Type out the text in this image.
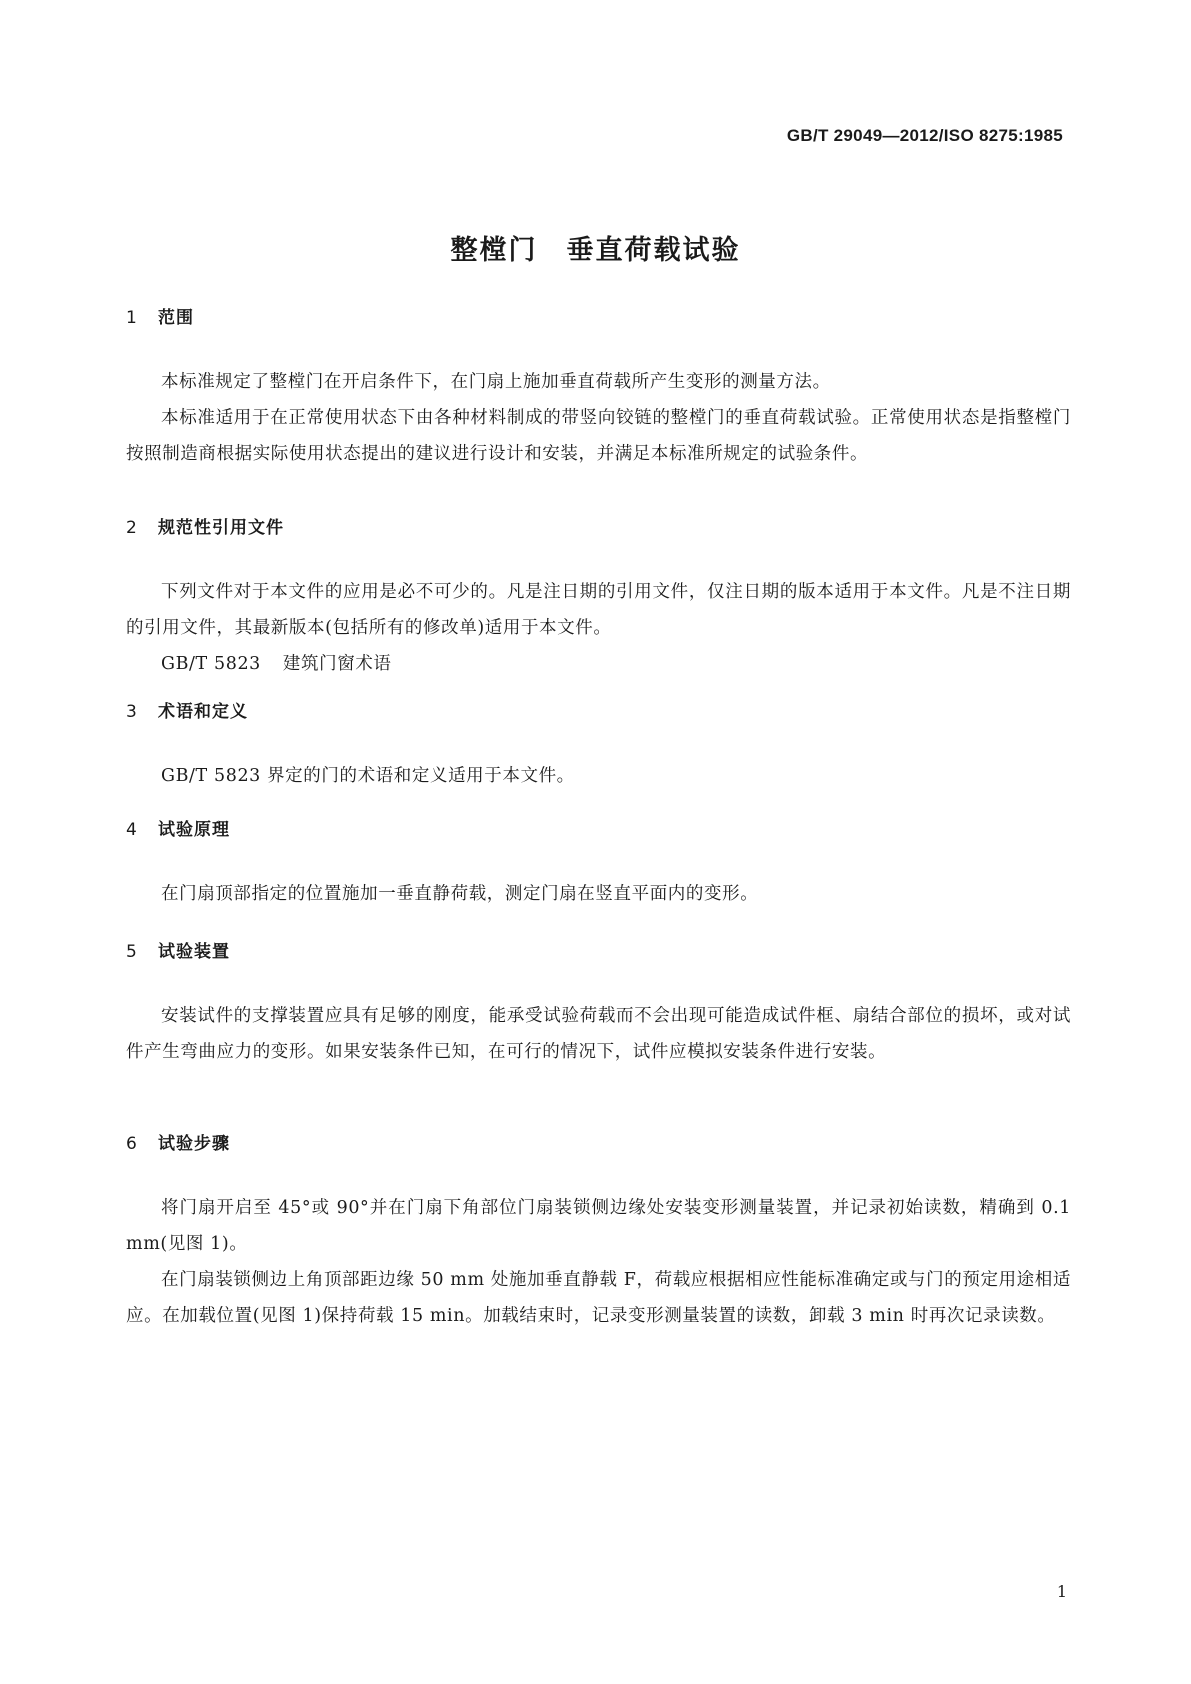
GB/T 29049—2012/ISO 8275:1985
整樘门　垂直荷载试验
1 范围

本标准规定了整樘门在开启条件下，在门扇上施加垂直荷载所产生变形的测量方法。

本标准适用于在正常使用状态下由各种材料制成的带竖向铰链的整樘门的垂直荷载试验。正常使用状态是指整樘门按照制造商根据实际使用状态提出的建议进行设计和安装，并满足本标准所规定的试验条件。

2 规范性引用文件

下列文件对于本文件的应用是必不可少的。凡是注日期的引用文件，仅注日期的版本适用于本文件。凡是不注日期的引用文件，其最新版本(包括所有的修改单)适用于本文件。

GB/T 5823 建筑门窗术语

3 术语和定义

GB/T 5823 界定的门的术语和定义适用于本文件。

4 试验原理

在门扇顶部指定的位置施加一垂直静荷载，测定门扇在竖直平面内的变形。

5 试验装置

安装试件的支撑装置应具有足够的刚度，能承受试验荷载而不会出现可能造成试件框、扇结合部位的损坏，或对试件产生弯曲应力的变形。如果安装条件已知，在可行的情况下，试件应模拟安装条件进行安装。

6 试验步骤

将门扇开启至 45°或 90°并在门扇下角部位门扇装锁侧边缘处安装变形测量装置，并记录初始读数，精确到 0.1 mm(见图 1)。

在门扇装锁侧边上角顶部距边缘 50 mm 处施加垂直静载 F，荷载应根据相应性能标准确定或与门的预定用途相适应。在加载位置(见图 1)保持荷载 15 min。加载结束时，记录变形测量装置的读数，卸载 3 min 时再次记录读数。

1
